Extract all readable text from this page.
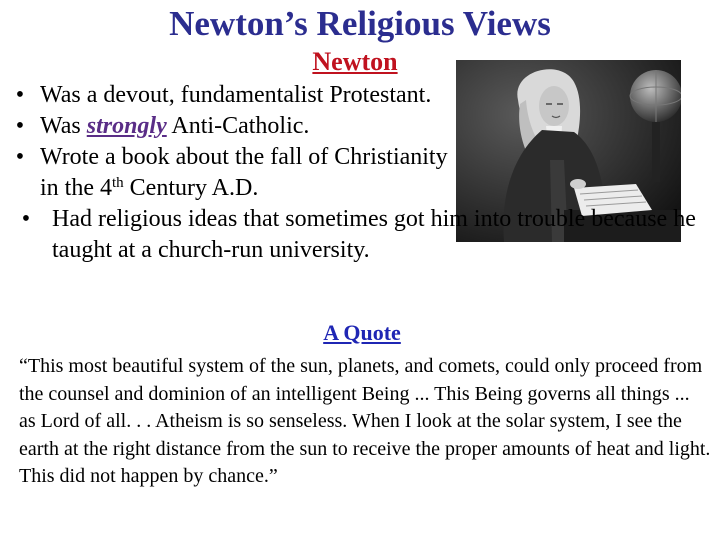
Newton’s Religious Views
Newton
• Was a devout, fundamentalist Protestant.
• Was strongly Anti-Catholic.
• Wrote a book about the fall of Christianity in the 4th Century A.D.
• Had religious ideas that sometimes got him into trouble because he taught at a church-run university.
A Quote

“This most beautiful system of the sun, planets, and comets, could only proceed from the counsel and dominion of an intelligent Being ... This Being governs all things ... as Lord of all. . . Atheism is so senseless. When I look at the solar system, I see the earth at the right distance from the sun to receive the proper amounts of heat and light. This did not happen by chance.”
